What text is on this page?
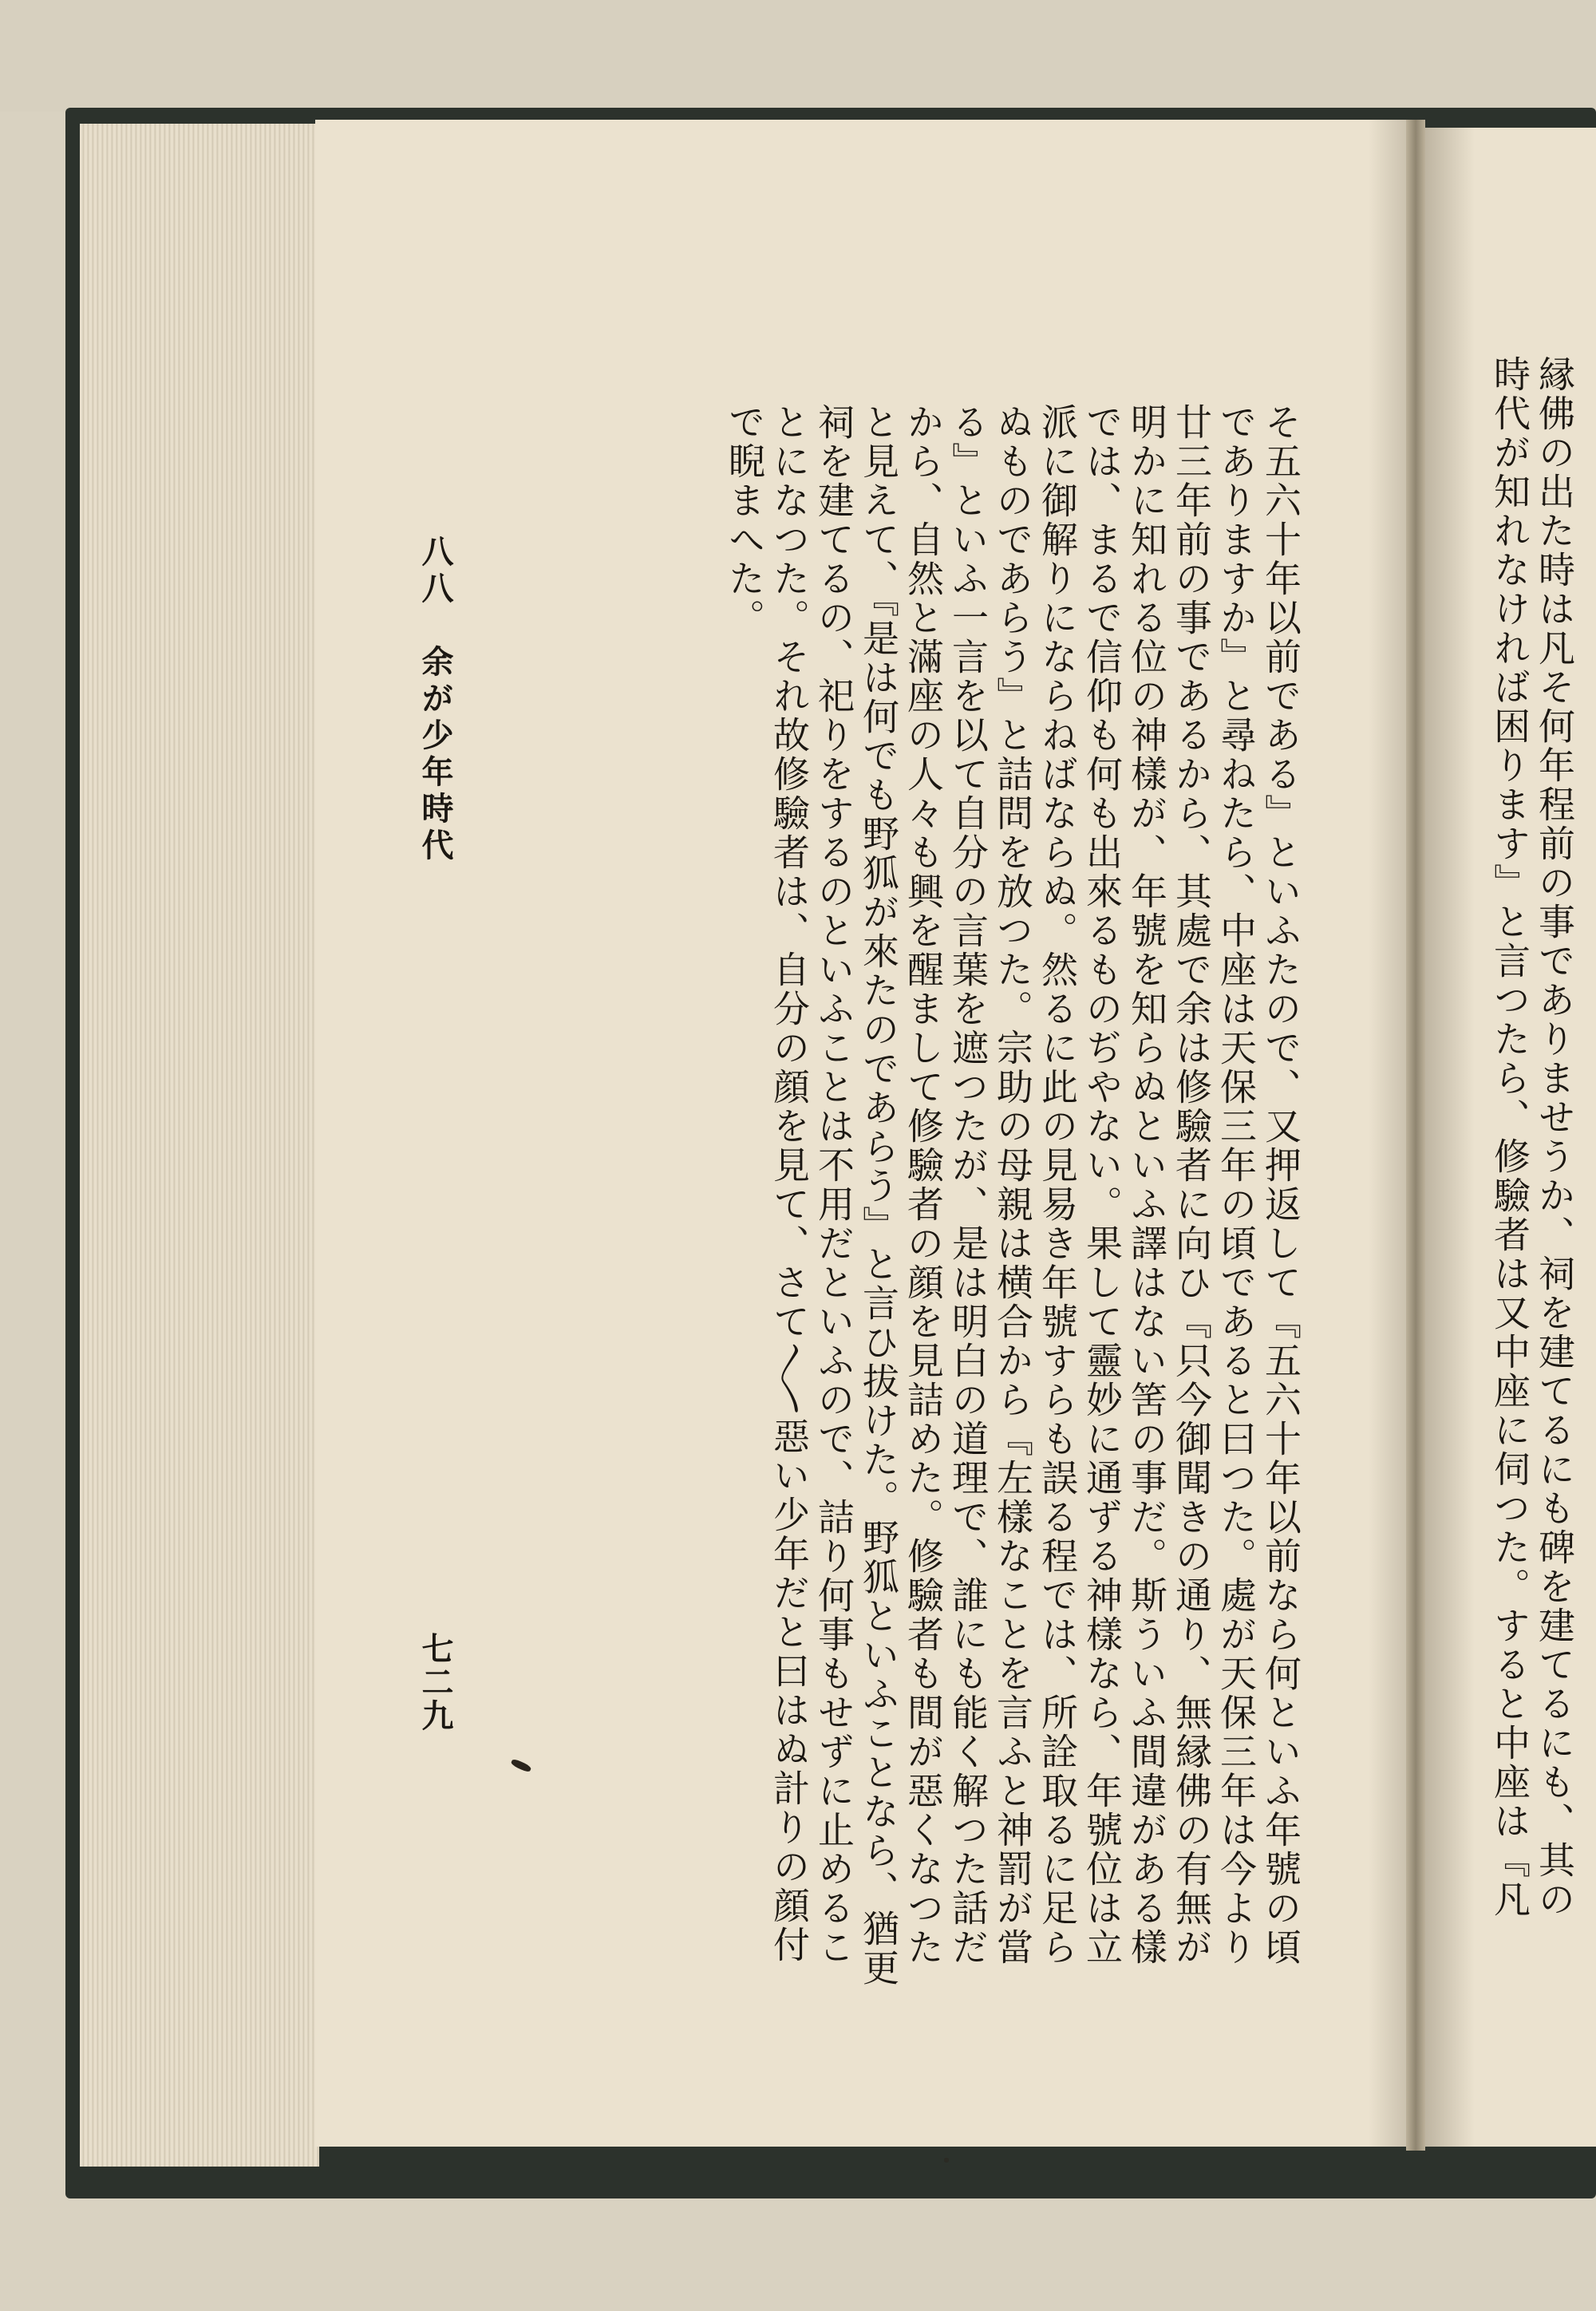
そ五六十年以前である』といふたので、又押返して『五六十年以前なら何といふ年號の頃
でありますか』と尋ねたら、中座は天保三年の頃であると曰つた。處が天保三年は今より
廿三年前の事であるから、其處で余は修驗者に向ひ『只今御聞きの通り、無縁佛の有無が
明かに知れる位の神樣が、年號を知らぬといふ譯はない筈の事だ。斯ういふ間違がある樣
では、まるで信仰も何も出來るものぢやない。果して靈妙に通ずる神樣なら、年號位は立
派に御解りにならねばならぬ。然るに此の見易き年號すらも誤る程では、所詮取るに足ら
ぬものであらう』と詰問を放つた。宗助の母親は横合から『左樣なことを言ふと神罰が當
る』といふ一言を以て自分の言葉を遮つたが、是は明白の道理で、誰にも能く解つた話だ
から、自然と滿座の人々も興を醒まして修驗者の顔を見詰めた。修驗者も間が惡くなつた
と見えて、『是は何でも野狐が來たのであらう』と言ひ拔けた。野狐といふことなら、猶更
祠を建てるの、祀りをするのといふことは不用だといふので、詰り何事もせずに止めるこ
とになつた。それ故修驗者は、自分の顔を見て、さて〳〵惡い少年だと曰はぬ計りの顔付
で睨まへた。
八八　余が少年時代
七二九	縁佛の出た時は凡そ何年程前の事でありませうか、祠を建てるにも碑を建てるにも、其の
時代が知れなければ困ります』と言つたら、修驗者は又中座に伺つた。すると中座は『凡
